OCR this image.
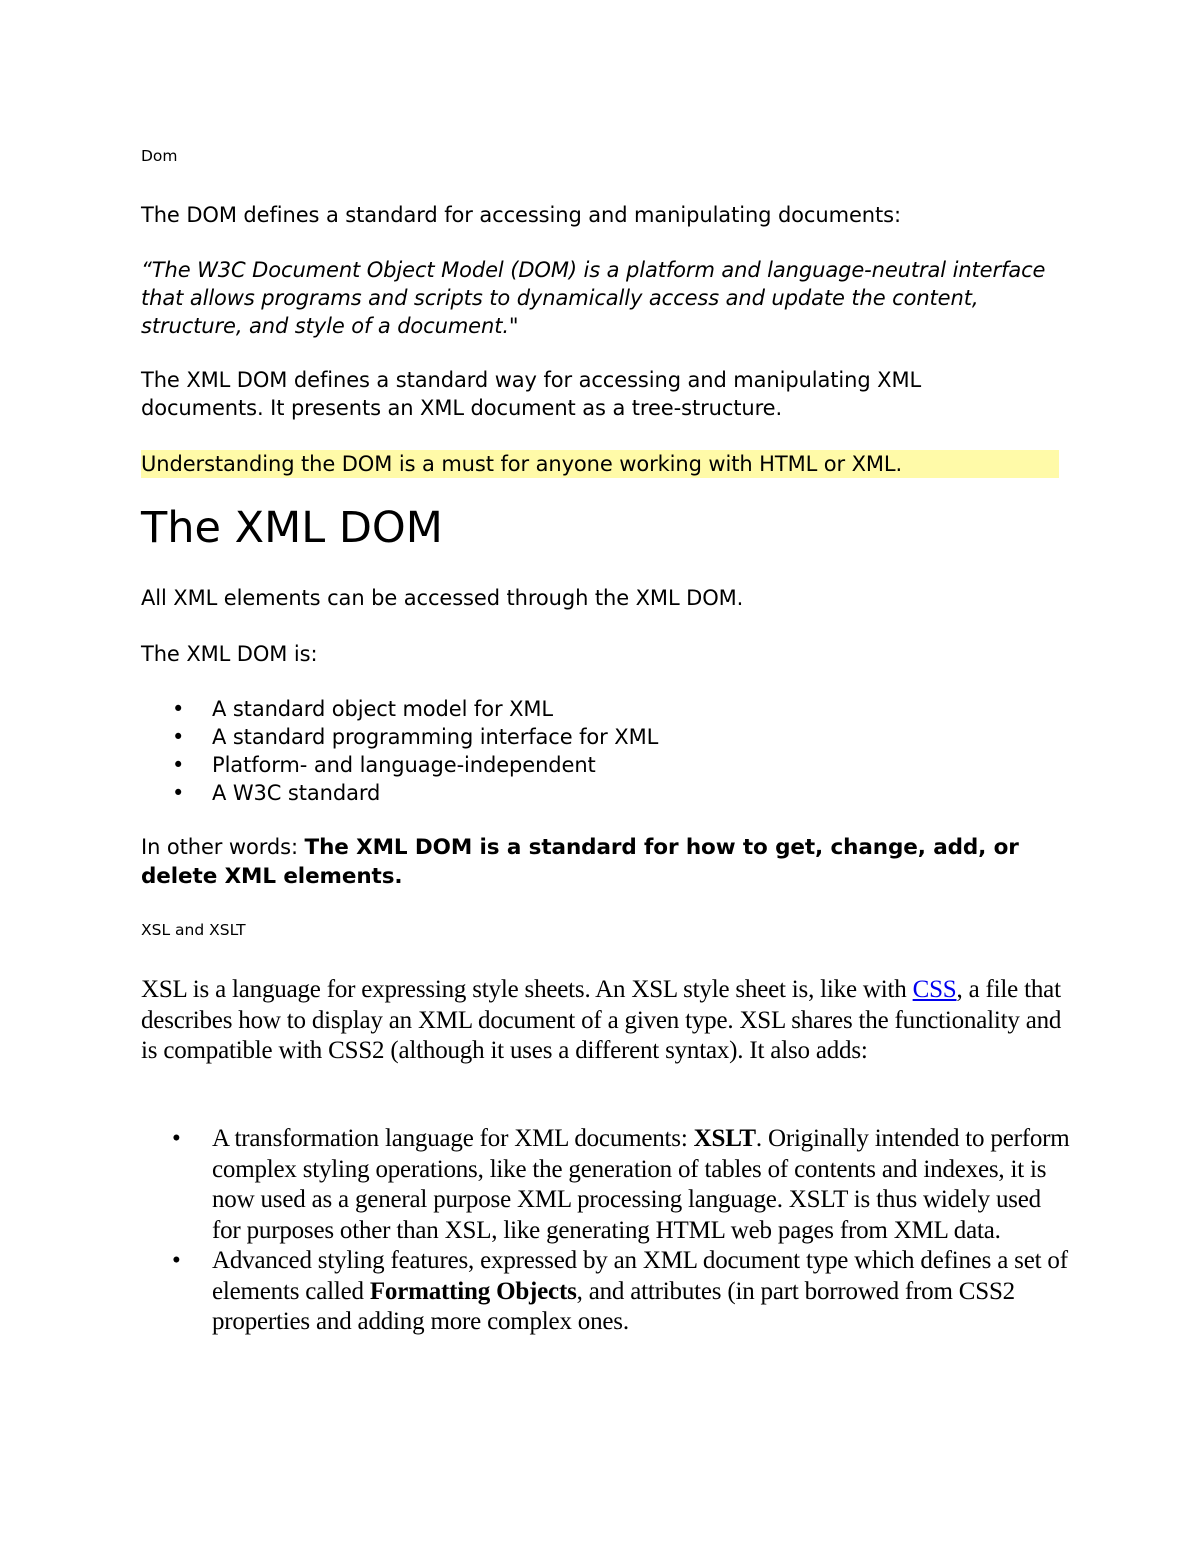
Dom

The DOM defines a standard for accessing and manipulating documents:

“The W3C Document Object Model (DOM) is a platform and language-neutral interface that allows programs and scripts to dynamically access and update the content, structure, and style of a document."

The XML DOM defines a standard way for accessing and manipulating XML documents. It presents an XML document as a tree-structure.

Understanding the DOM is a must for anyone working with HTML or XML.

The XML DOM

All XML elements can be accessed through the XML DOM.

The XML DOM is:

• A standard object model for XML
• A standard programming interface for XML
• Platform- and language-independent
• A W3C standard

In other words: The XML DOM is a standard for how to get, change, add, or delete XML elements.

XSL and XSLT

XSL is a language for expressing style sheets. An XSL style sheet is, like with CSS, a file that describes how to display an XML document of a given type. XSL shares the functionality and is compatible with CSS2 (although it uses a different syntax). It also adds:

• A transformation language for XML documents: XSLT. Originally intended to perform complex styling operations, like the generation of tables of contents and indexes, it is now used as a general purpose XML processing language. XSLT is thus widely used for purposes other than XSL, like generating HTML web pages from XML data.
• Advanced styling features, expressed by an XML document type which defines a set of elements called Formatting Objects, and attributes (in part borrowed from CSS2 properties and adding more complex ones.
